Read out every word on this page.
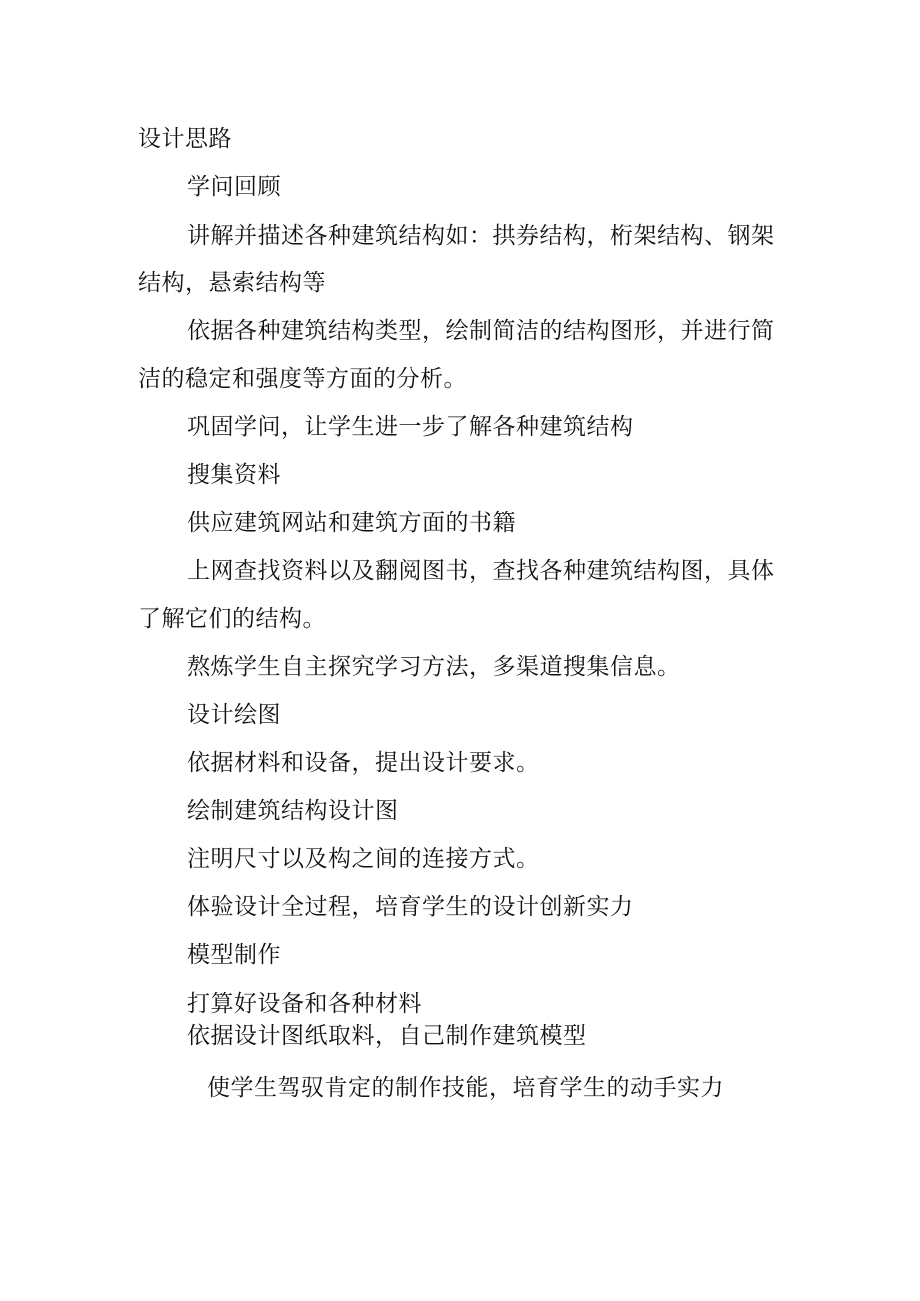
设计思路
学问回顾
讲解并描述各种建筑结构如：拱券结构，桁架结构、钢架
结构，悬索结构等
依据各种建筑结构类型，绘制简洁的结构图形，并进行简
洁的稳定和强度等方面的分析。
巩固学问，让学生进一步了解各种建筑结构
搜集资料
供应建筑网站和建筑方面的书籍
上网查找资料以及翻阅图书，查找各种建筑结构图，具体
了解它们的结构。
熬炼学生自主探究学习方法，多渠道搜集信息。
设计绘图
依据材料和设备，提出设计要求。
绘制建筑结构设计图
注明尺寸以及构之间的连接方式。
体验设计全过程，培育学生的设计创新实力
模型制作
打算好设备和各种材料
依据设计图纸取料，自己制作建筑模型
使学生驾驭肯定的制作技能，培育学生的动手实力
